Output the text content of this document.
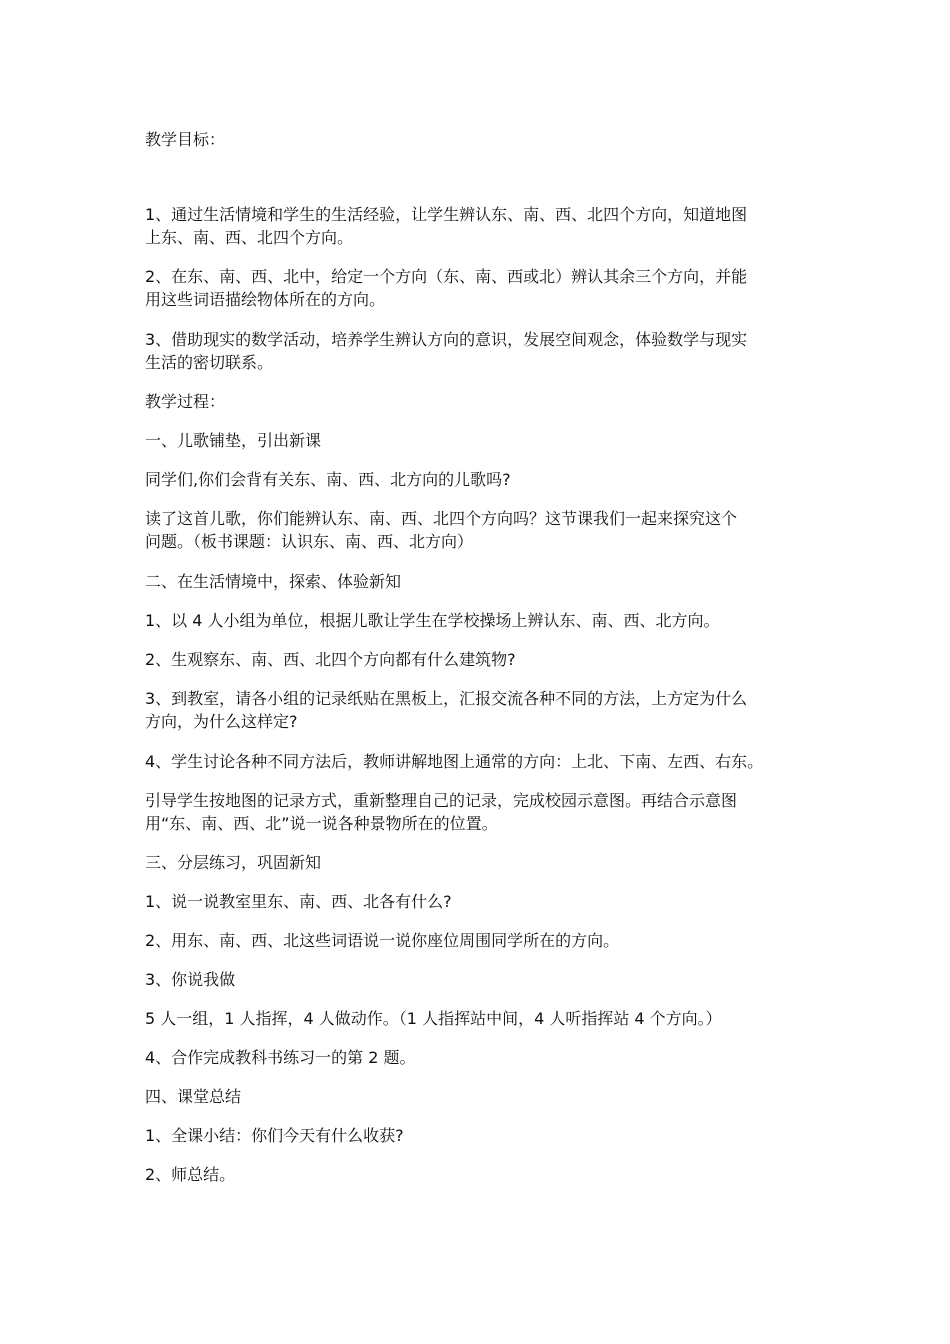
教学目标：
1、通过生活情境和学生的生活经验，让学生辨认东、南、西、北四个方向，知道地图
上东、南、西、北四个方向。
2、在东、南、西、北中，给定一个方向（东、南、西或北）辨认其余三个方向，并能
用这些词语描绘物体所在的方向。
3、借助现实的数学活动，培养学生辨认方向的意识，发展空间观念，体验数学与现实
生活的密切联系。
教学过程：
一、儿歌铺垫，引出新课
同学们,你们会背有关东、南、西、北方向的儿歌吗?
读了这首儿歌，你们能辨认东、南、西、北四个方向吗？这节课我们一起来探究这个
问题。（板书课题：认识东、南、西、北方向）
二、在生活情境中，探索、体验新知
1、以 4 人小组为单位，根据儿歌让学生在学校操场上辨认东、南、西、北方向。
2、生观察东、南、西、北四个方向都有什么建筑物?
3、到教室，请各小组的记录纸贴在黑板上，汇报交流各种不同的方法，上方定为什么
方向，为什么这样定?
4、学生讨论各种不同方法后，教师讲解地图上通常的方向：上北、下南、左西、右东。
引导学生按地图的记录方式，重新整理自己的记录，完成校园示意图。再结合示意图
用“东、南、西、北”说一说各种景物所在的位置。
三、分层练习，巩固新知
1、说一说教室里东、南、西、北各有什么?
2、用东、南、西、北这些词语说一说你座位周围同学所在的方向。
3、你说我做
5 人一组，1 人指挥，4 人做动作。（1 人指挥站中间，4 人听指挥站 4 个方向。）
4、合作完成教科书练习一的第 2 题。
四、课堂总结
1、全课小结：你们今天有什么收获?
2、师总结。
